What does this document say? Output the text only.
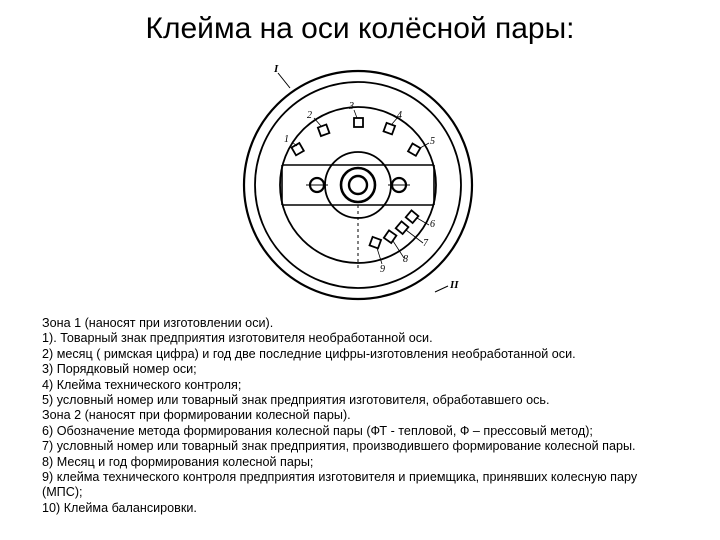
Клейма на оси колёсной пары:
I
II
1
2
3
4
5
6
7
8
9
Зона 1 (наносят при изготовлении оси).
1). Товарный знак предприятия изготовителя необработанной оси.
2) месяц ( римская цифра) и год две последние цифры-изготовления необработанной оси.
3) Порядковый номер оси;
4) Клейма технического контроля;
5) условный номер или товарный знак предприятия изготовителя, обработавшего ось.
Зона 2 (наносят при формировании колесной пары).
6) Обозначение метода формирования колесной пары (ФТ - тепловой, Ф – прессовый метод);
7) условный номер или товарный знак предприятия, производившего формирование колесной пары.
8) Месяц и год формирования колесной пары;
9) клейма технического контроля предприятия изготовителя и приемщика, принявших колесную пару
(МПС);
10) Клейма балансировки.
